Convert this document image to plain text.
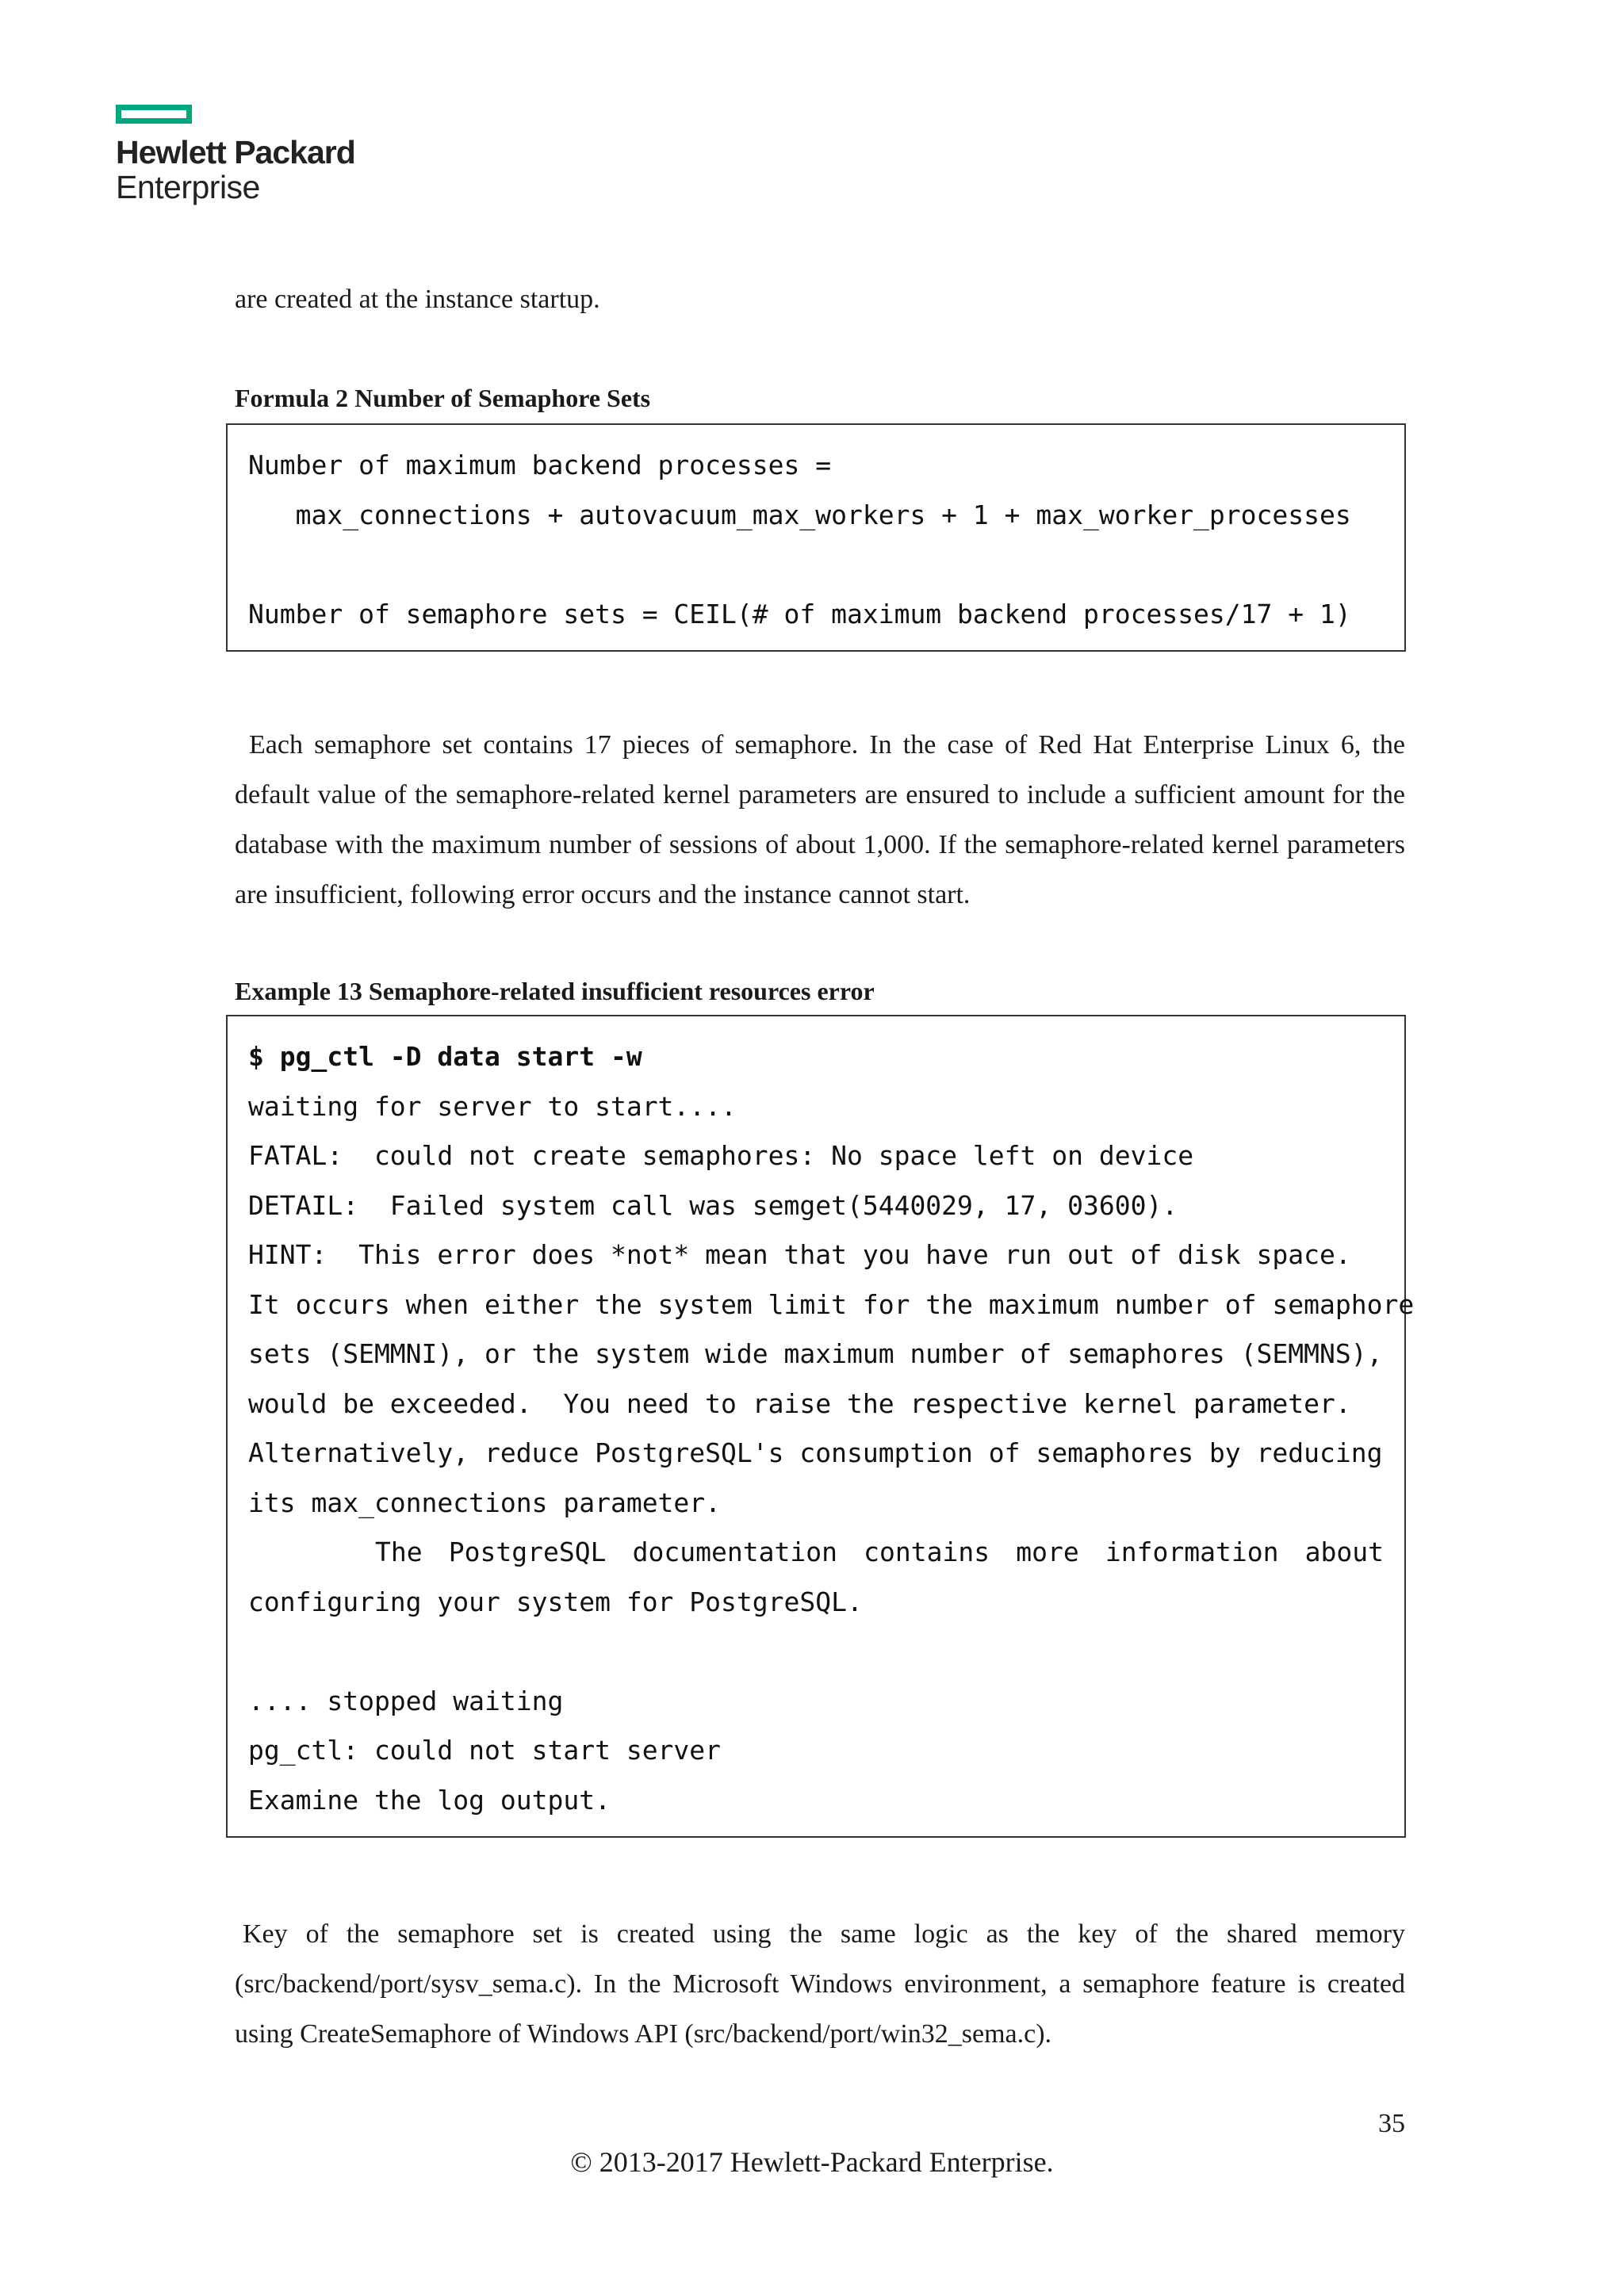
Hewlett Packard
Enterprise

are created at the instance startup.

Formula 2 Number of Semaphore Sets

Number of maximum backend processes =
max_connections + autovacuum_max_workers + 1 + max_worker_processes
Number of semaphore sets = CEIL(# of maximum backend processes/17 + 1)

Each semaphore set contains 17 pieces of semaphore. In the case of Red Hat Enterprise Linux 6, the default value of the semaphore-related kernel parameters are ensured to include a sufficient amount for the database with the maximum number of sessions of about 1,000. If the semaphore-related kernel parameters are insufficient, following error occurs and the instance cannot start.

Example 13 Semaphore-related insufficient resources error

$ pg_ctl -D data start -w
waiting for server to start....
FATAL:  could not create semaphores: No space left on device
DETAIL:  Failed system call was semget(5440029, 17, 03600).
HINT:  This error does *not* mean that you have run out of disk space.
It occurs when either the system limit for the maximum number of semaphore
sets (SEMMNI), or the system wide maximum number of semaphores (SEMMNS),
would be exceeded.  You need to raise the respective kernel parameter.
Alternatively, reduce PostgreSQL's consumption of semaphores by reducing
its max_connections parameter.
The PostgreSQL documentation contains more information about
configuring your system for PostgreSQL.
.... stopped waiting
pg_ctl: could not start server
Examine the log output.

Key of the semaphore set is created using the same logic as the key of the shared memory (src/backend/port/sysv_sema.c). In the Microsoft Windows environment, a semaphore feature is created using CreateSemaphore of Windows API (src/backend/port/win32_sema.c).

35

© 2013-2017 Hewlett-Packard Enterprise.
